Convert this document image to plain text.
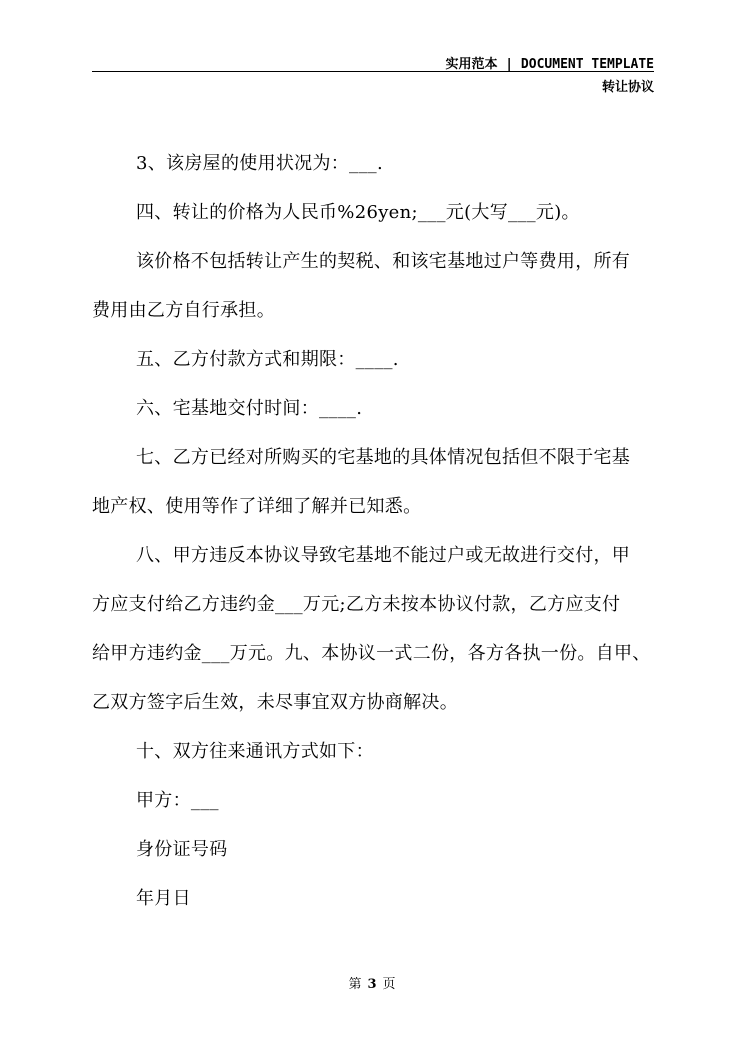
实用范本 | DOCUMENT TEMPLATE
转让协议
3、该房屋的使用状况为：___.
四、转让的价格为人民币%26yen;___元(大写___元)。
该价格不包括转让产生的契税、和该宅基地过户等费用，所有
费用由乙方自行承担。
五、乙方付款方式和期限：____.
六、宅基地交付时间：____.
七、乙方已经对所购买的宅基地的具体情况包括但不限于宅基
地产权、使用等作了详细了解并已知悉。
八、甲方违反本协议导致宅基地不能过户或无故进行交付，甲
方应支付给乙方违约金___万元;乙方未按本协议付款，乙方应支付
给甲方违约金___万元。九、本协议一式二份，各方各执一份。自甲、
乙双方签字后生效，未尽事宜双方协商解决。
十、双方往来通讯方式如下：
甲方：___
身份证号码
年月日
第 3 页
